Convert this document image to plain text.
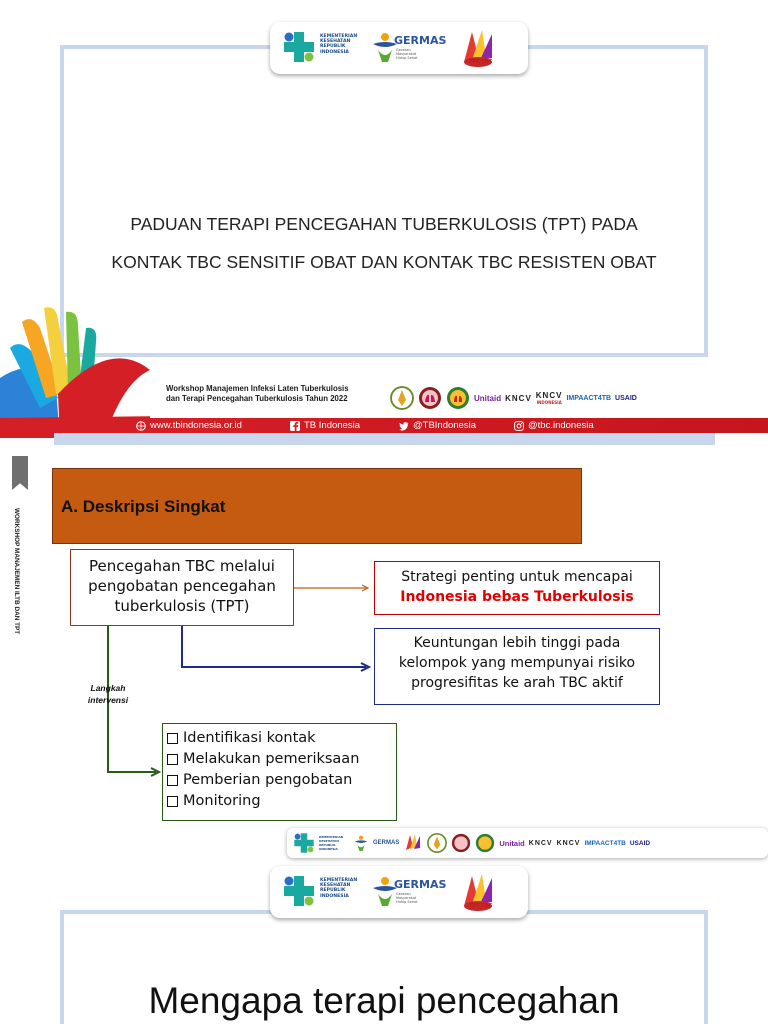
KEMENTERIAN KESEHATAN REPUBLIK INDONESIA
GERMAS
Gerakan Masyarakat Hidup Sehat
TPT TBC
PADUAN TERAPI PENCEGAHAN TUBERKULOSIS (TPT) PADA
KONTAK TBC SENSITIF OBAT DAN KONTAK TBC RESISTEN OBAT
Workshop Manajemen Infeksi Laten Tuberkulosis
dan Terapi Pencegahan Tuberkulosis Tahun 2022	Unitaid KNCV KNCV
INDONESIA
IMPAACT4TB USAID
www.tbindonesia.or.id	TB Indonesia	@TBIndonesia	@tbc.indonesia
WORKSHOP MANAJEMEN ILTB DAN TPT
A. Deskripsi Singkat
Pencegahan TBC melalui
pengobatan pencegahan
tuberkulosis (TPT)
Strategi penting untuk mencapai
Indonesia bebas Tuberkulosis
Keuntungan lebih tinggi pada
kelompok yang mempunyai risiko
progresifitas ke arah TBC aktif
Langkah
intervensi
Identifikasi kontak
Melakukan pemeriksaan
Pemberian pengobatan
Monitoring
KEMENTERIAN KESEHATAN REPUBLIK INDONESIA
GERMAS	Unitaid KNCV KNCV IMPAACT4TB USAID
KEMENTERIAN KESEHATAN REPUBLIK INDONESIA
GERMAS
Gerakan Masyarakat Hidup Sehat
TPT TBC
Mengapa terapi pencegahan
